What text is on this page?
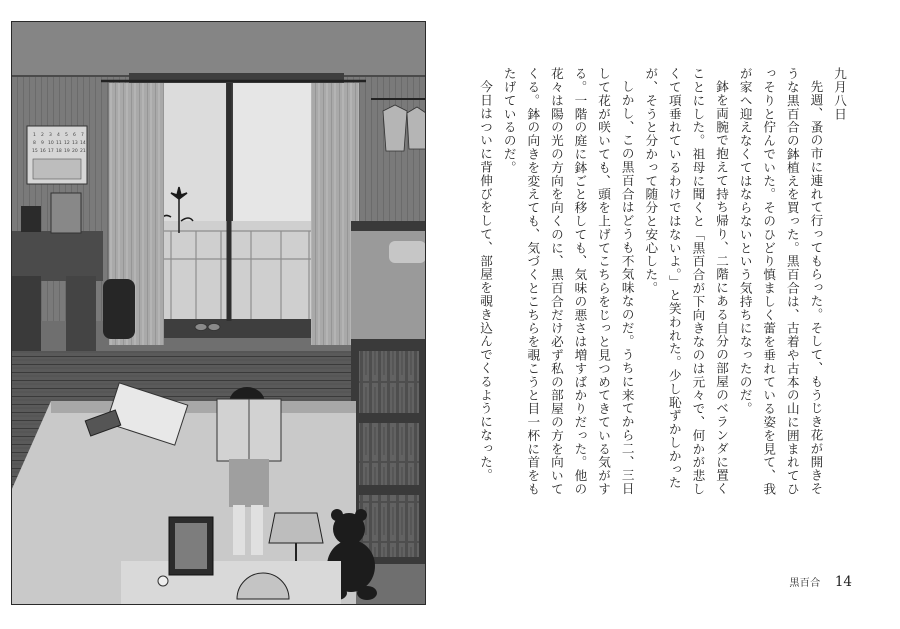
1 2 3 4 5 6 7
8 9 10 11 12 13 14
15 16 17 18 19 20 21

九月八日

先週、蚤の市に連れて行ってもらった。そして、もうじき花が開きそうな黒百合の鉢植えを買った。黒百合は、古着や古本の山に囲まれてひっそりと佇んでいた。そのひどり慎ましく蕾を垂れている姿を見て、我が家へ迎えなくてはならないという気持ちになったのだ。

鉢を両腕で抱えて持ち帰り、二階にある自分の部屋のベランダに置くことにした。祖母に聞くと「黒百合が下向きなのは元々で、何かが悲しくて項垂れているわけではないよ。」と笑われた。少し恥ずかしかったが、そうと分かって随分と安心した。

しかし、この黒百合はどうも不気味なのだ。うちに来てから二、三日して花が咲いても、頭を上げてこちらをじっと見つめてきている気がする。一階の庭に鉢ごと移しても、気味の悪さは増すばかりだった。他の花々は陽の光の方向を向くのに、黒百合だけ必ず私の部屋の方を向いてくる。鉢の向きを変えても、気づくとこちらを覗こうと目一杯に首をもたげているのだ。

今日はついに背伸びをして、部屋を覗き込んでくるようになった。

黒百合 14
